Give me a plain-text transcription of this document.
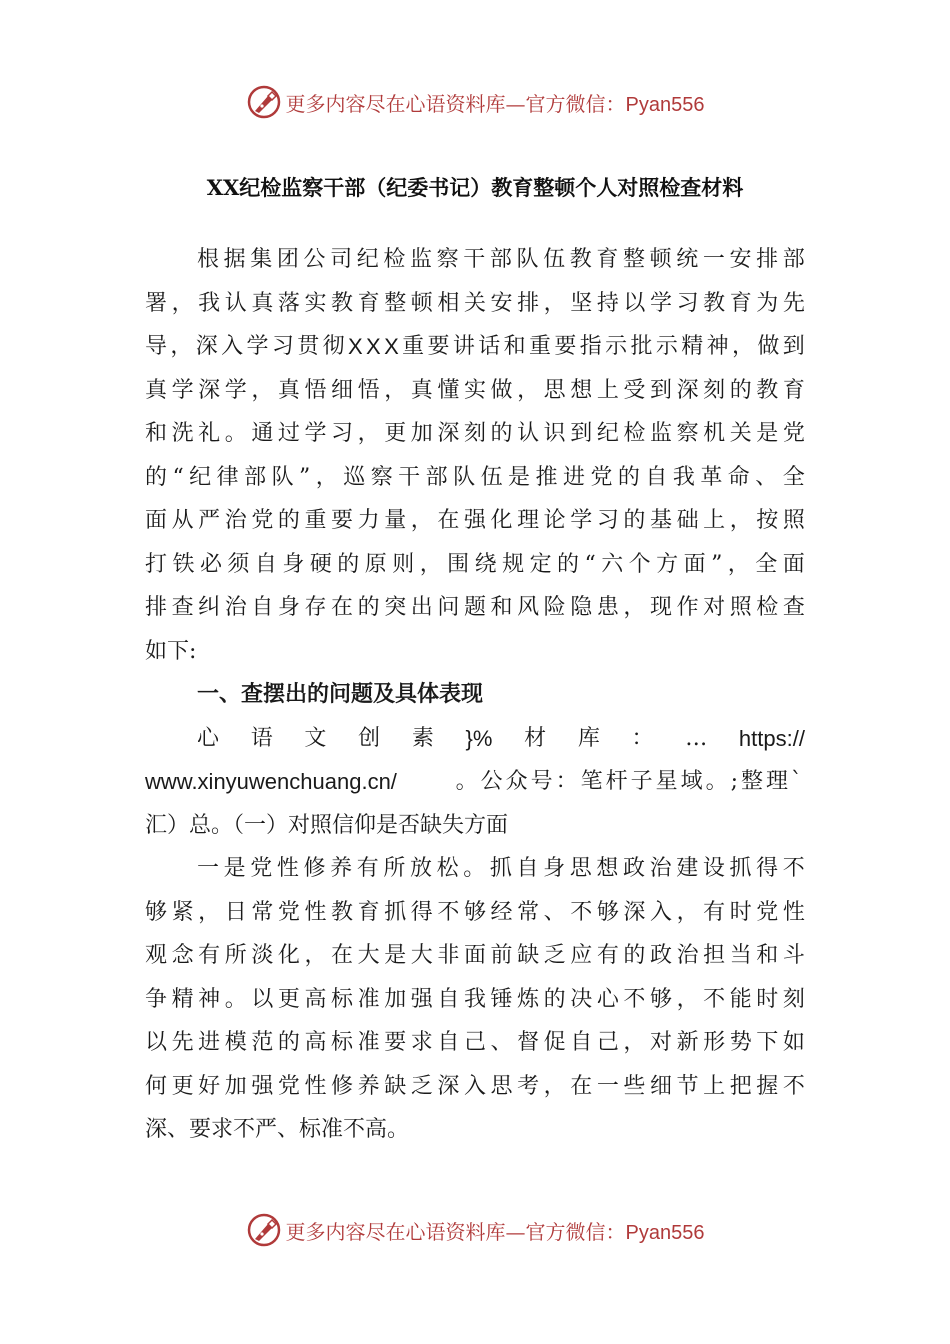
更多内容尽在心语资料库—官方微信：Pyan556
XX纪检监察干部（纪委书记）教育整顿个人对照检查材料
根 据 集 团 公 司 纪 检 监 察 干 部 队 伍 教 育 整 顿 统 一 安 排 部
署 ， 我 认 真 落 实 教 育 整 顿 相 关 安 排 ， 坚 持 以 学 习 教 育 为 先
导 ， 深 入 学 习 贯 彻 X X X 重 要 讲 话 和 重 要 指 示 批 示 精 神 ， 做 到
真 学 深 学 ， 真 悟 细 悟 ， 真 懂 实 做 ， 思 想 上 受 到 深 刻 的 教 育
和 洗 礼 。 通 过 学 习 ， 更 加 深 刻 的 认 识 到 纪 检 监 察 机 关 是 党
的 “ 纪 律 部 队 ” ， 巡 察 干 部 队 伍 是 推 进 党 的 自 我 革 命 、 全
面 从 严 治 党 的 重 要 力 量 ， 在 强 化 理 论 学 习 的 基 础 上 ， 按 照
打 铁 必 须 自 身 硬 的 原 则 ， 围 绕 规 定 的 “ 六 个 方 面 ” ， 全 面
排 查 纠 治 自 身 存 在 的 突 出 问 题 和 风 险 隐 患 ， 现 作 对 照 检 查
如下:
一、查摆出的问题及具体表现
心 语 文 创 素 }% 材 库 ： … https://
www.xinyuwenchuang.cn/	。公众号：笔杆子星域。;整理`
汇）总。（一）对照信仰是否缺失方面
一 是 党 性 修 养 有 所 放 松 。 抓 自 身 思 想 政 治 建 设 抓 得 不
够 紧 ， 日 常 党 性 教 育 抓 得 不 够 经 常 、 不 够 深 入 ， 有 时 党 性
观 念 有 所 淡 化 ， 在 大 是 大 非 面 前 缺 乏 应 有 的 政 治 担 当 和 斗
争 精 神 。 以 更 高 标 准 加 强 自 我 锤 炼 的 决 心 不 够 ， 不 能 时 刻
以 先 进 模 范 的 高 标 准 要 求 自 己 、 督 促 自 己 ， 对 新 形 势 下 如
何 更 好 加 强 党 性 修 养 缺 乏 深 入 思 考 ， 在 一 些 细 节 上 把 握 不
深、要求不严、标准不高。
更多内容尽在心语资料库—官方微信：Pyan556
